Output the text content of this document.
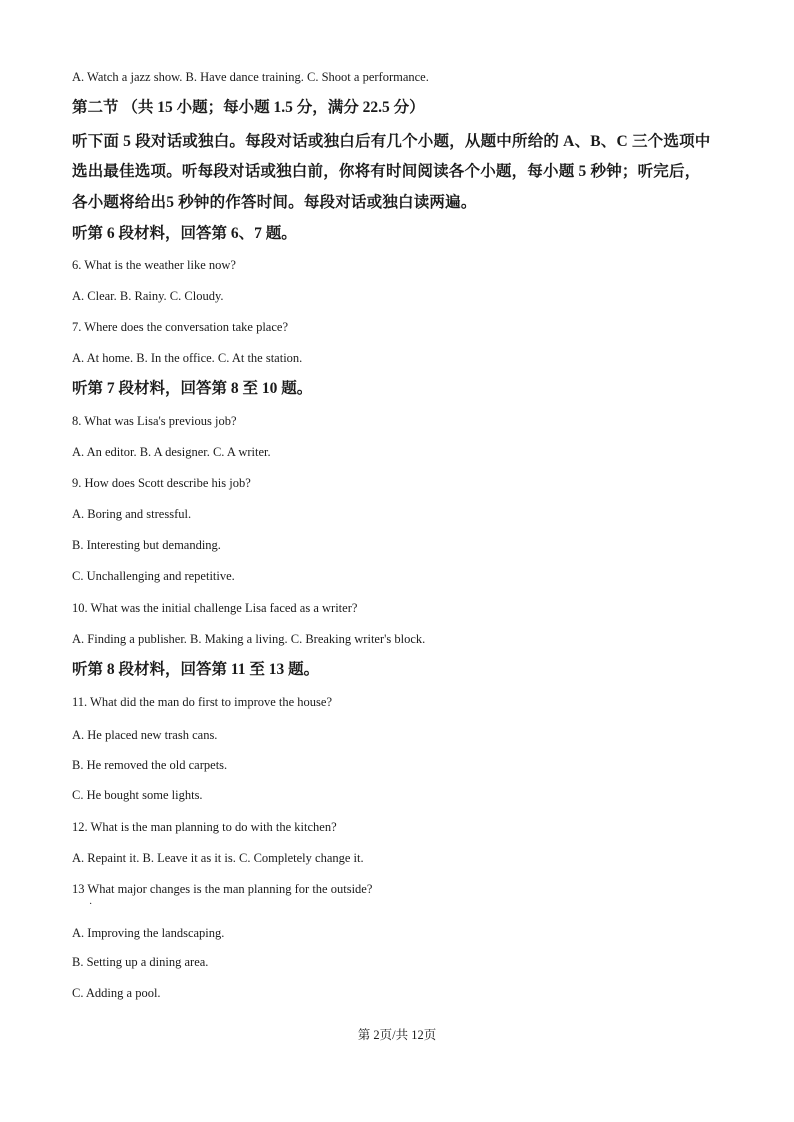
A. Watch a jazz show. B. Have dance training. C. Shoot a performance.
第二节 （共 15 小题；每小题 1.5 分，满分 22.5 分）
听下面 5 段对话或独白。每段对话或独白后有几个小题，从题中所给的 A、B、C 三个选项中
选出最佳选项。听每段对话或独白前，你将有时间阅读各个小题，每小题 5 秒钟；听完后，
各小题将给出5 秒钟的作答时间。每段对话或独白读两遍。
听第 6 段材料，回答第 6、7 题。
6. What is the weather like now?
A. Clear. B. Rainy. C. Cloudy.
7. Where does the conversation take place?
A. At home. B. In the office. C. At the station.
听第 7 段材料，回答第 8 至 10 题。
8. What was Lisa's previous job?
A. An editor. B. A designer. C. A writer.
9. How does Scott describe his job?
A. Boring and stressful.
B. Interesting but demanding.
C. Unchallenging and repetitive.
10. What was the initial challenge Lisa faced as a writer?
A. Finding a publisher. B. Making a living. C. Breaking writer's block.
听第 8 段材料，回答第 11 至 13 题。
11. What did the man do first to improve the house?
A. He placed new trash cans.
B. He removed the old carpets.
C. He bought some lights.
12. What is the man planning to do with the kitchen?
A. Repaint it. B. Leave it as it is. C. Completely change it.
13 What major changes is the man planning for the outside?
·
A. Improving the landscaping.
B. Setting up a dining area.
C. Adding a pool.
第 2页/共 12页
